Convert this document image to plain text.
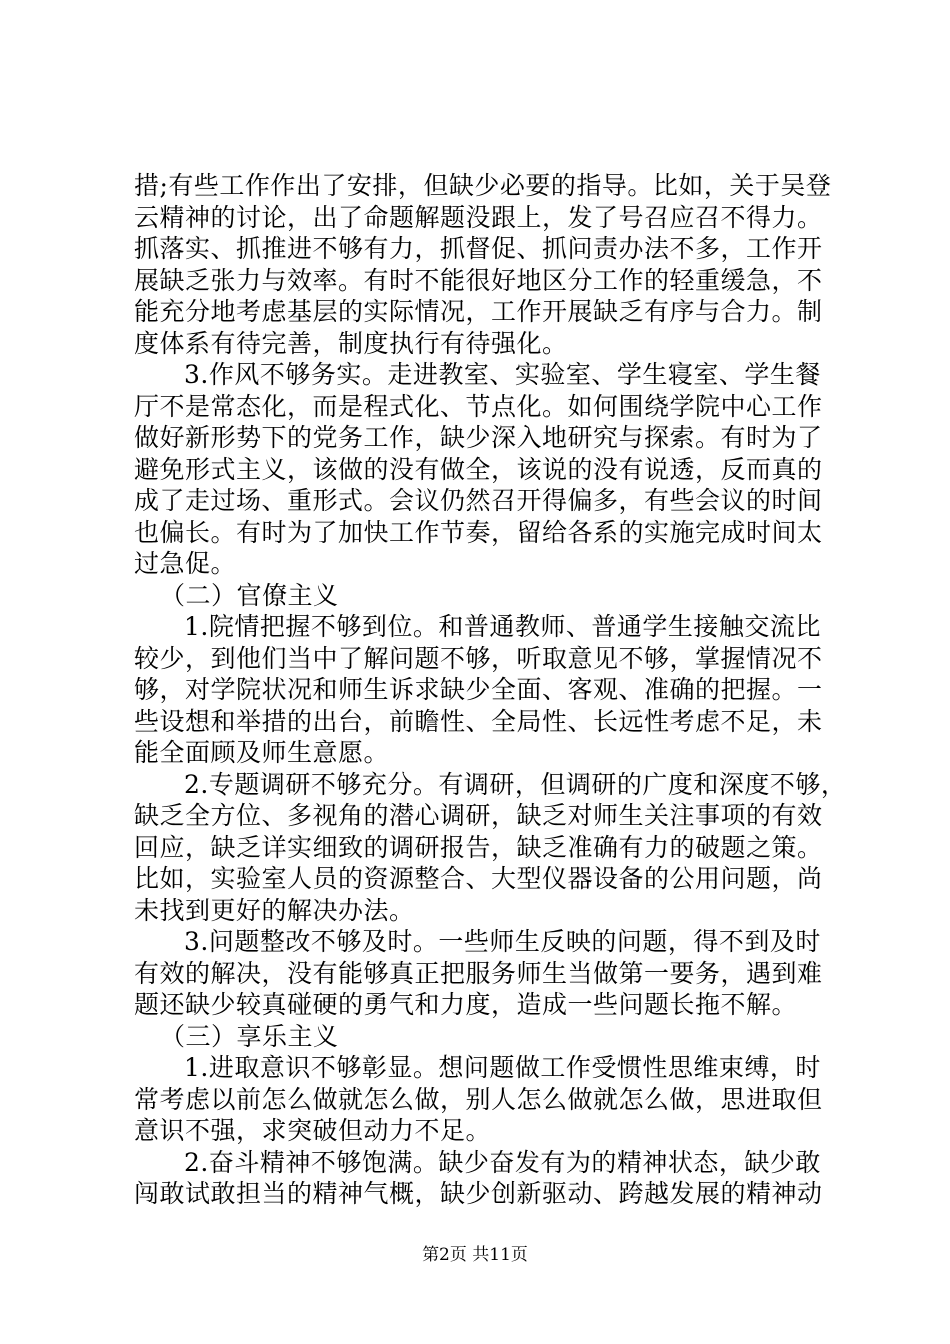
措;有些工作作出了安排，但缺少必要的指导。比如，关于吴登
云精神的讨论，出了命题解题没跟上，发了号召应召不得力。
抓落实、抓推进不够有力，抓督促、抓问责办法不多，工作开
展缺乏张力与效率。有时不能很好地区分工作的轻重缓急，不
能充分地考虑基层的实际情况，工作开展缺乏有序与合力。制
度体系有待完善，制度执行有待强化。
3.作风不够务实。走进教室、实验室、学生寝室、学生餐
厅不是常态化，而是程式化、节点化。如何围绕学院中心工作
做好新形势下的党务工作，缺少深入地研究与探索。有时为了
避免形式主义，该做的没有做全，该说的没有说透，反而真的
成了走过场、重形式。会议仍然召开得偏多，有些会议的时间
也偏长。有时为了加快工作节奏，留给各系的实施完成时间太
过急促。
（二）官僚主义
1.院情把握不够到位。和普通教师、普通学生接触交流比
较少，到他们当中了解问题不够，听取意见不够，掌握情况不
够，对学院状况和师生诉求缺少全面、客观、准确的把握。一
些设想和举措的出台，前瞻性、全局性、长远性考虑不足，未
能全面顾及师生意愿。
2.专题调研不够充分。有调研，但调研的广度和深度不够，
缺乏全方位、多视角的潜心调研，缺乏对师生关注事项的有效
回应，缺乏详实细致的调研报告，缺乏准确有力的破题之策。
比如，实验室人员的资源整合、大型仪器设备的公用问题，尚
未找到更好的解决办法。
3.问题整改不够及时。一些师生反映的问题，得不到及时
有效的解决，没有能够真正把服务师生当做第一要务，遇到难
题还缺少较真碰硬的勇气和力度，造成一些问题长拖不解。
（三）享乐主义
1.进取意识不够彰显。想问题做工作受惯性思维束缚，时
常考虑以前怎么做就怎么做，别人怎么做就怎么做，思进取但
意识不强，求突破但动力不足。
2.奋斗精神不够饱满。缺少奋发有为的精神状态，缺少敢
闯敢试敢担当的精神气概，缺少创新驱动、跨越发展的精神动
第2页 共11页
